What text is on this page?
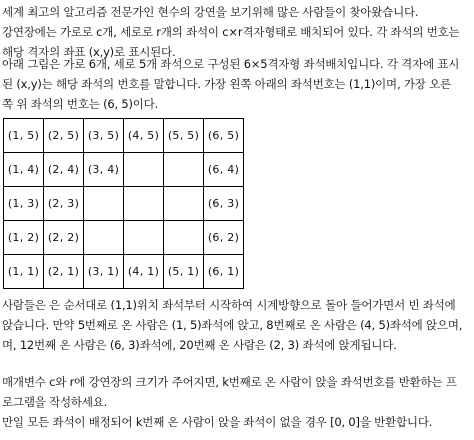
세계 최고의 알고리즘 전문가인 현수의 강연을 보기위해 많은 사람들이 찾아왔습니다.
강연장에는 가로로 c개, 세로로 r개의 좌석이 c×r격자형태로 배치되어 있다. 각 좌석의 번호는
해당 격자의 좌표 (x,y)로 표시된다.
아래 그림은 가로 6개, 세로 5개 좌석으로 구성된 6×5격자형 좌석배치입니다. 각 격자에 표시
된 (x,y)는 해당 좌석의 번호를 말합니다. 가장 왼쪽 아래의 좌석번호는 (1,1)이며, 가장 오른
쪽 위 좌석의 번호는 (6, 5)이다.
(1, 5)	(2, 5)	(3, 5)	(4, 5)	(5, 5)	(6, 5)
(1, 4)	(2, 4)	(3, 4)			(6, 4)
(1, 3)	(2, 3)				(6, 3)
(1, 2)	(2, 2)				(6, 2)
(1, 1)	(2, 1)	(3, 1)	(4, 1)	(5, 1)	(6, 1)
사람들은 은 순서대로 (1,1)위치 좌석부터 시작하여 시계방향으로 돌아 들어가면서 빈 좌석에
앉습니다. 만약 5번째로 온 사람은 (1, 5)좌석에 앉고, 8번째로 온 사람은 (4, 5)좌석에 앉으며,
며, 12번째 온 사람은 (6, 3)좌석에, 20번째 온 사람은 (2, 3) 좌석에 앉게됩니다.
매개변수 c와 r에 강연장의 크기가 주어지면, k번째로 온 사람이 앉을 좌석번호를 반환하는 프
로그램을 작성하세요.
만일 모든 좌석이 배정되어 k번째 온 사람이 앉을 좌석이 없을 경우 [0, 0]을 반환합니다.
